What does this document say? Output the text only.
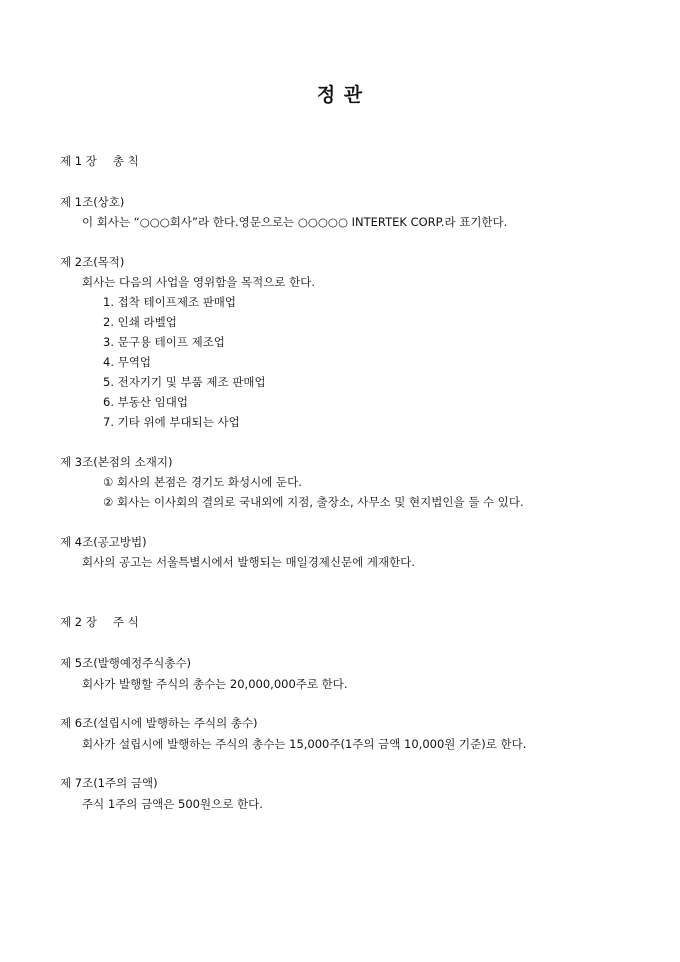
정 관
제 1 장 총 칙
제 1조(상호)
이 회사는 “○○○회사”라 한다.영문으로는 ○○○○○ INTERTEK CORP.라 표기한다.
제 2조(목적)
회사는 다음의 사업을 영위함을 목적으로 한다.
1. 접착 테이프제조 판매업
2. 인쇄 라벨업
3. 문구용 테이프 제조업
4. 무역업
5. 전자기기 및 부품 제조 판매업
6. 부동산 임대업
7. 기타 위에 부대되는 사업
제 3조(본점의 소재지)
① 회사의 본점은 경기도 화성시에 둔다.
② 회사는 이사회의 결의로 국내외에 지점, 출장소, 사무소 및 현지법인을 둘 수 있다.
제 4조(공고방법)
회사의 공고는 서울특별시에서 발행되는 매일경제신문에 게재한다.
제 2 장 주 식
제 5조(발행예정주식총수)
회사가 발행할 주식의 총수는 20,000,000주로 한다.
제 6조(설립시에 발행하는 주식의 총수)
회사가 설립시에 발행하는 주식의 총수는 15,000주(1주의 금액 10,000원 기준)로 한다.
제 7조(1주의 금액)
주식 1주의 금액은 500원으로 한다.
